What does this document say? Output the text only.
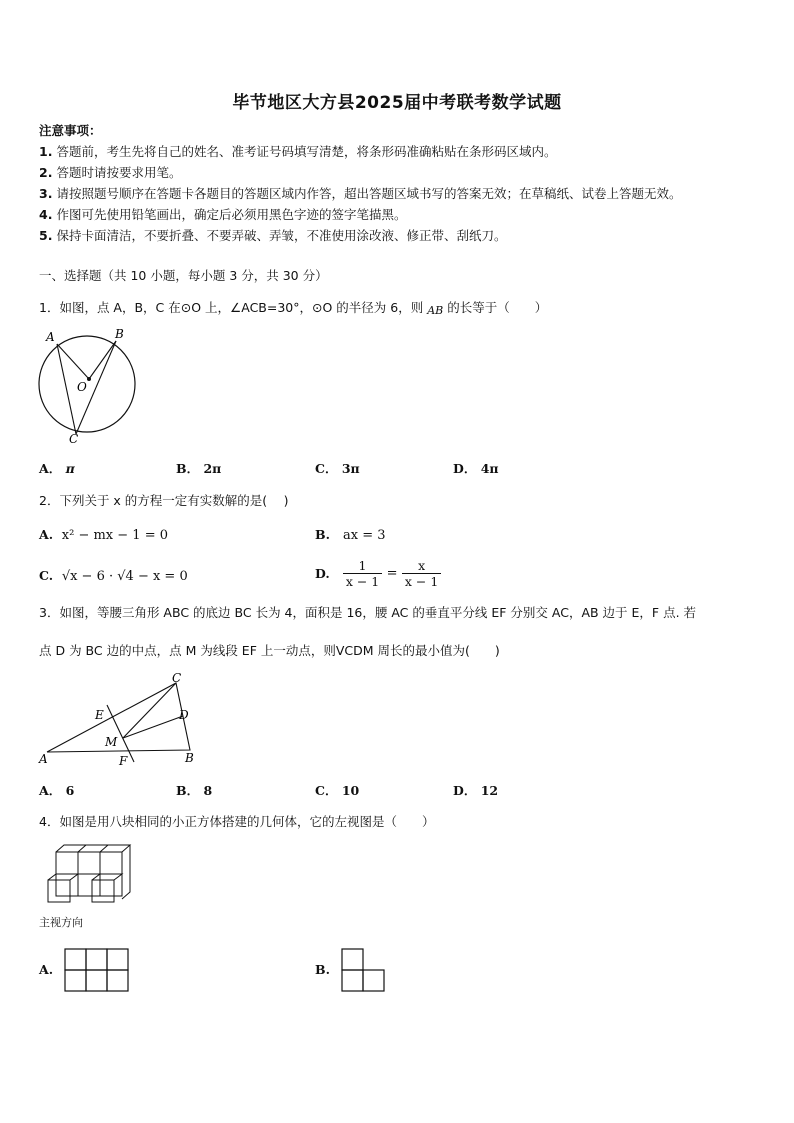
毕节地区大方县2025届中考联考数学试题
注意事项：
1. 答题前，考生先将自己的姓名、准考证号码填写清楚，将条形码准确粘贴在条形码区域内。
2. 答题时请按要求用笔。
3. 请按照题号顺序在答题卡各题目的答题区域内作答，超出答题区域书写的答案无效；在草稿纸、试卷上答题无效。
4. 作图可先使用铅笔画出，确定后必须用黑色字迹的签字笔描黑。
5. 保持卡面清洁，不要折叠、不要弄破、弄皱，不准使用涂改液、修正带、刮纸刀。
一、选择题（共 10 小题，每小题 3 分，共 30 分）
1．如图，点 A，B，C 在⊙O 上，∠ACB=30°，⊙O 的半径为 6，则 AB 的长等于（　　）
A	B
O
C
A． π	B． 2π	C． 3π	D． 4π
2．下列关于 x 的方程一定有实数解的是(　 )
A. x² − mx − 1 = 0	B. ax = 3
C. √x − 6 · √4 − x = 0	D. $\frac{1}{x - 1} = \frac{x}{x - 1}$
3．如图，等腰三角形 ABC 的底边 BC 长为 4，面积是 16，腰 AC 的垂直平分线 EF 分别交 AC，AB 边于 E，F 点. 若
点 D 为 BC 边的中点，点 M 为线段 EF 上一动点，则VCDM 周长的最小值为(　　)
C
E	D
M
A	F	B
A． 6	B． 8	C． 10	D． 12
4．如图是用八块相同的小正方体搭建的几何体，它的左视图是（　　）
主视方向
A.	B.
